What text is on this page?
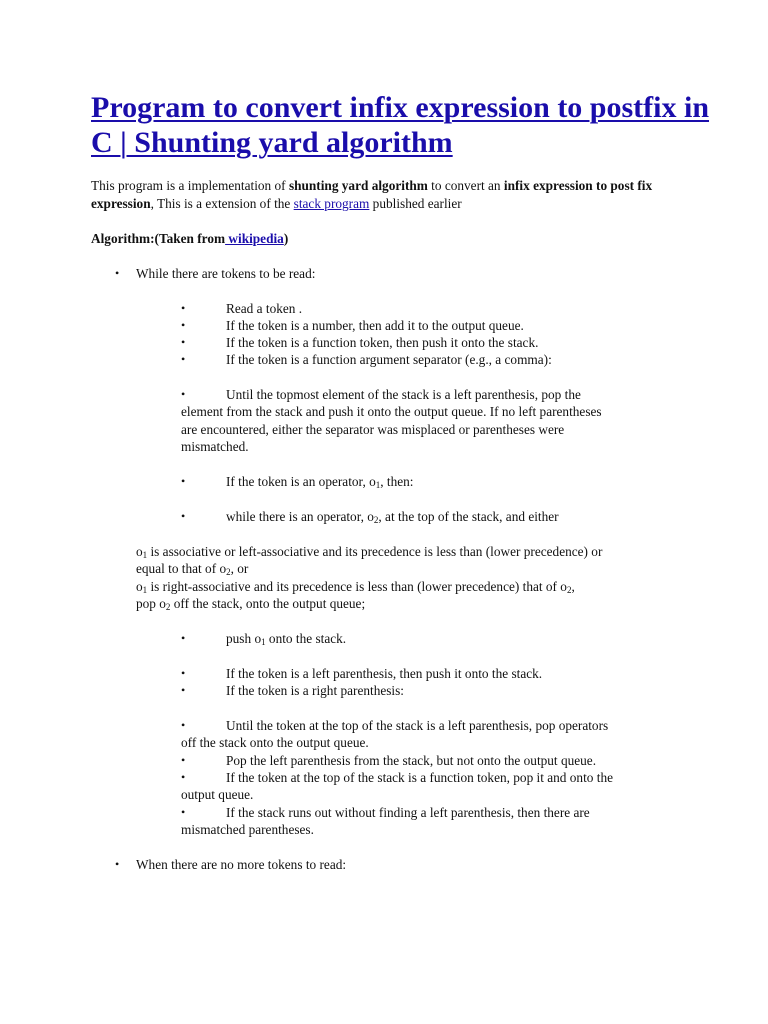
Program to convert infix expression to postfix in C | Shunting yard algorithm

This program is a implementation of shunting yard algorithm to convert an infix expression to post fix expression, This is a extension of the stack program published earlier

Algorithm:(Taken from wikipedia)

• While there are tokens to be read:

•	Read a token .

•	If the token is a number, then add it to the output queue.

•	If the token is a function token, then push it onto the stack.

•	If the token is a function argument separator (e.g., a comma):

•	Until the topmost element of the stack is a left parenthesis, pop the

element from the stack and push it onto the output queue. If no left parentheses

are encountered, either the separator was misplaced or parentheses were

mismatched.

•	If the token is an operator, $o_1$, then:

•	while there is an operator, $o_2$, at the top of the stack, and either

$o_1$ is associative or left-associative and its precedence is less than (lower precedence) or

equal to that of $o_2$, or

$o_1$ is right-associative and its precedence is less than (lower precedence) that of $o_2$,

pop $o_2$ off the stack, onto the output queue;

•	push $o_1$ onto the stack.

•	If the token is a left parenthesis, then push it onto the stack.

•	If the token is a right parenthesis:

•	Until the token at the top of the stack is a left parenthesis, pop operators

off the stack onto the output queue.

•	Pop the left parenthesis from the stack, but not onto the output queue.

•	If the token at the top of the stack is a function token, pop it and onto the

output queue.

•	If the stack runs out without finding a left parenthesis, then there are

mismatched parentheses.

• When there are no more tokens to read:
